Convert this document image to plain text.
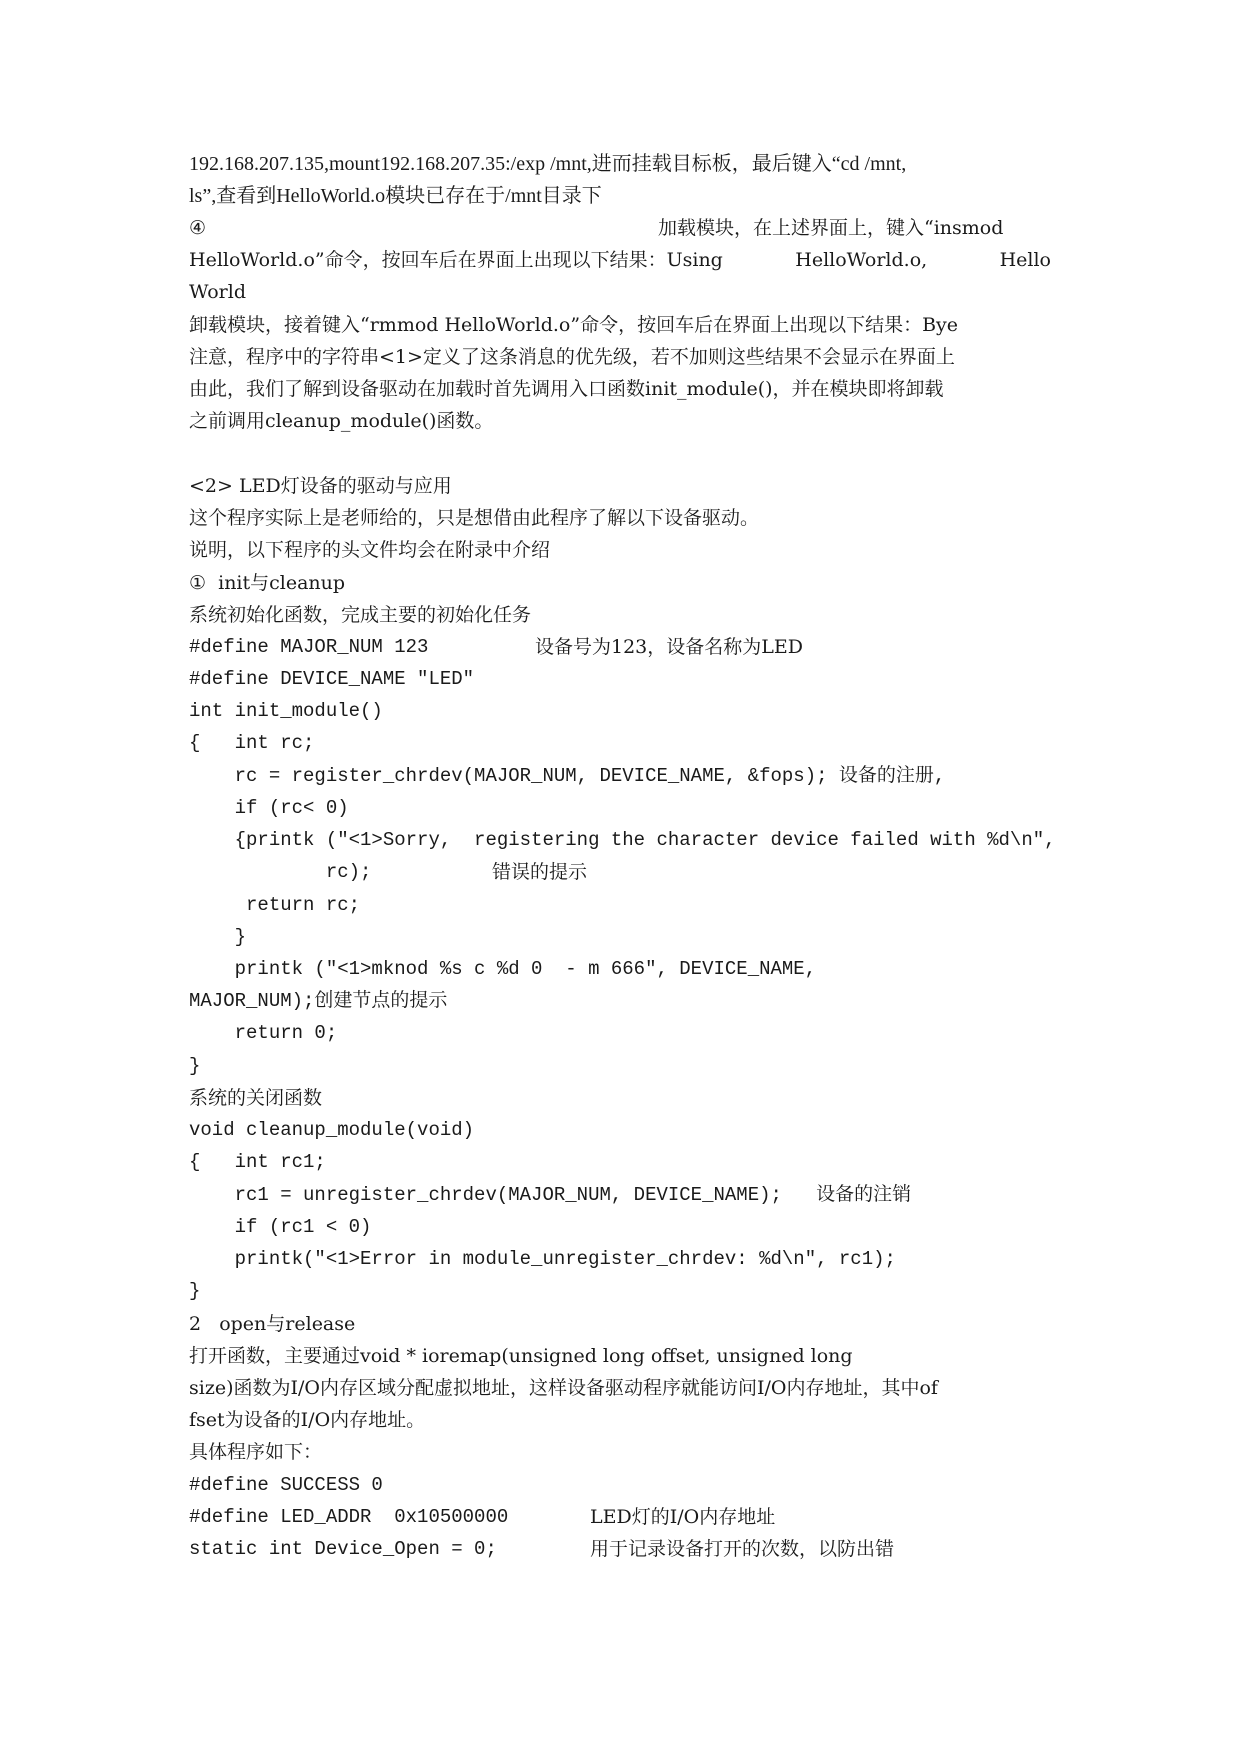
192.168.207.135,mount192.168.207.35:/exp /mnt,进而挂载目标板，最后键入“cd /mnt,
ls”,查看到HelloWorld.o模块已存在于/mnt目录下
④	加载模块，在上述界面上，键入“insmod
HelloWorld.o”命令，按回车后在界面上出现以下结果：Using	HelloWorld.o,	Hello
World
卸载模块，接着键入“rmmod HelloWorld.o”命令，按回车后在界面上出现以下结果：Bye
注意，程序中的字符串<1>定义了这条消息的优先级，若不加则这些结果不会显示在界面上
由此，我们了解到设备驱动在加载时首先调用入口函数init_module()，并在模块即将卸载
之前调用cleanup_module()函数。
<2> LED灯设备的驱动与应用
这个程序实际上是老师给的，只是想借由此程序了解以下设备驱动。
说明，以下程序的头文件均会在附录中介绍
①  init与cleanup
系统初始化函数，完成主要的初始化任务
#define MAJOR_NUM 123	设备号为123，设备名称为LED
#define DEVICE_NAME "LED"
int init_module()
{   int rc;
rc = register_chrdev(MAJOR_NUM, DEVICE_NAME, &fops); 设备的注册,
if (rc< 0)
{printk ("<1>Sorry,  registering the character device failed with %d\n",
rc);	错误的提示
return rc;
}
printk ("<1>mknod %s c %d 0  - m 666", DEVICE_NAME,
MAJOR_NUM);创建节点的提示
return 0;
}
系统的关闭函数
void cleanup_module(void)
{   int rc1;
rc1 = unregister_chrdev(MAJOR_NUM, DEVICE_NAME);   设备的注销
if (rc1 < 0)
printk("<1>Error in module_unregister_chrdev: %d\n", rc1);
}
2   open与release
打开函数，主要通过void * ioremap(unsigned long offset, unsigned long
size)函数为I/O内存区域分配虚拟地址，这样设备驱动程序就能访问I/O内存地址，其中of
fset为设备的I/O内存地址。
具体程序如下：
#define SUCCESS 0
#define LED_ADDR  0x10500000	LED灯的I/O内存地址
static int Device_Open = 0;	用于记录设备打开的次数，以防出错
